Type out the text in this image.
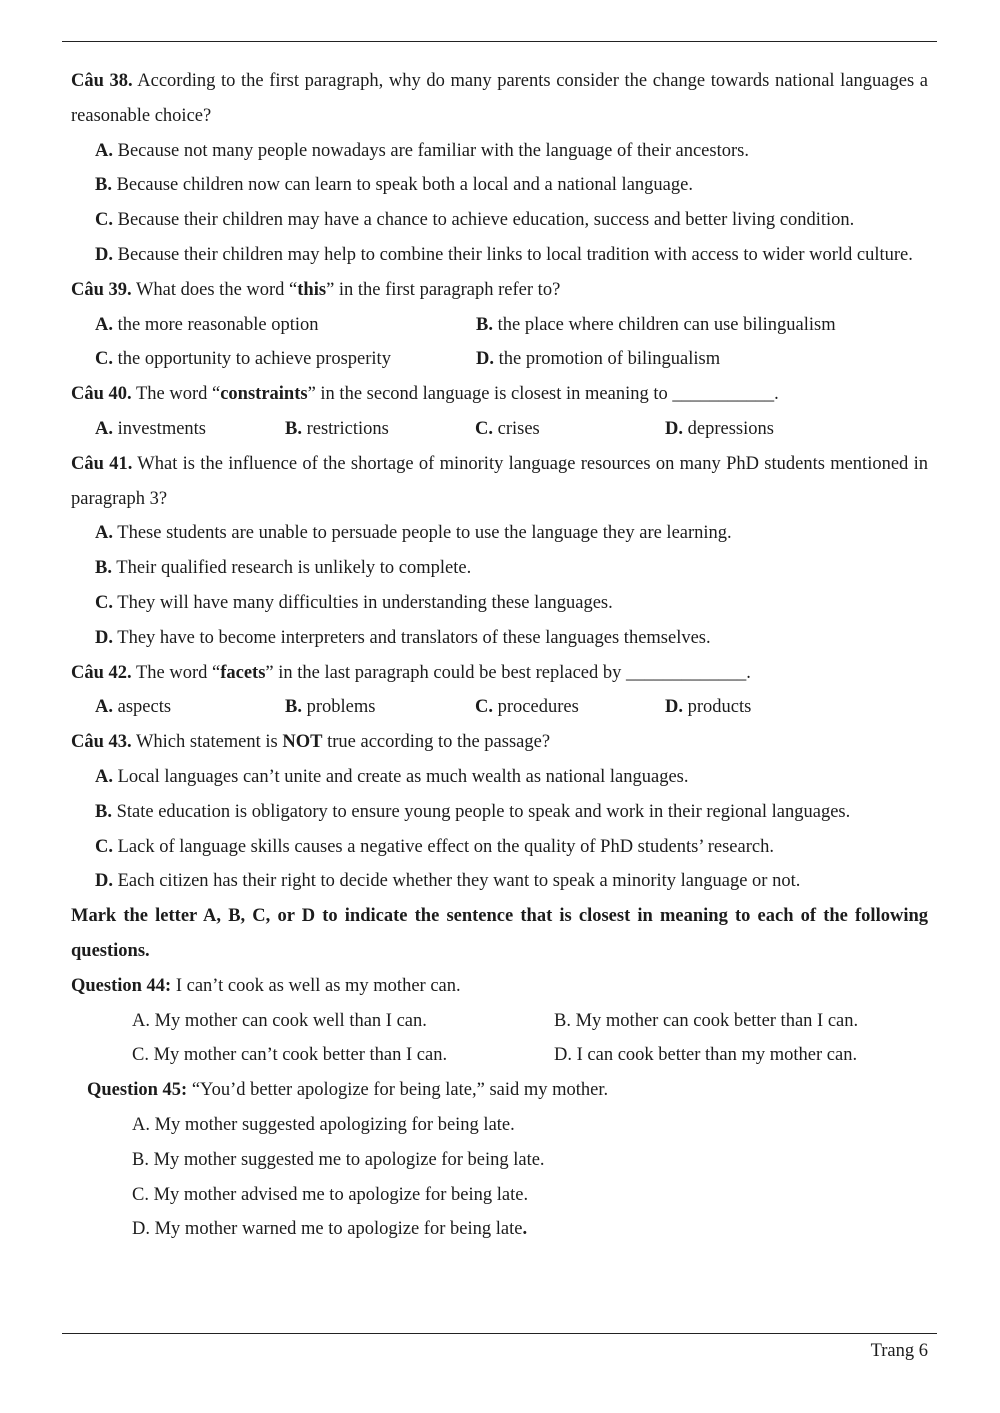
Câu 38. According to the first paragraph, why do many parents consider the change towards national languages a reasonable choice?
A. Because not many people nowadays are familiar with the language of their ancestors.
B. Because children now can learn to speak both a local and a national language.
C. Because their children may have a chance to achieve education, success and better living condition.
D. Because their children may help to combine their links to local tradition with access to wider world culture.
Câu 39. What does the word “this” in the first paragraph refer to?
A. the more reasonable option	B. the place where children can use bilingualism
C. the opportunity to achieve prosperity	D. the promotion of bilingualism
Câu 40. The word “constraints” in the second language is closest in meaning to ___________.
A. investments	B. restrictions	C. crises	D. depressions
Câu 41. What is the influence of the shortage of minority language resources on many PhD students mentioned in paragraph 3?
A. These students are unable to persuade people to use the language they are learning.
B. Their qualified research is unlikely to complete.
C. They will have many difficulties in understanding these languages.
D. They have to become interpreters and translators of these languages themselves.
Câu 42. The word “facets” in the last paragraph could be best replaced by _____________.
A. aspects	B. problems	C. procedures	D. products
Câu 43. Which statement is NOT true according to the passage?
A. Local languages can’t unite and create as much wealth as national languages.
B. State education is obligatory to ensure young people to speak and work in their regional languages.
C. Lack of language skills causes a negative effect on the quality of PhD students’ research.
D. Each citizen has their right to decide whether they want to speak a minority language or not.
Mark the letter A, B, C, or D to indicate the sentence that is closest in meaning to each of the following questions.
Question 44: I can’t cook as well as my mother can.
A. My mother can cook well than I can.	B. My mother can cook better than I can.
C. My mother can’t cook better than I can.	D. I can cook better than my mother can.
Question 45: “You’d better apologize for being late,” said my mother.
A. My mother suggested apologizing for being late.
B. My mother suggested me to apologize for being late.
C. My mother advised me to apologize for being late.
D. My mother warned me to apologize for being late.
Trang 6
